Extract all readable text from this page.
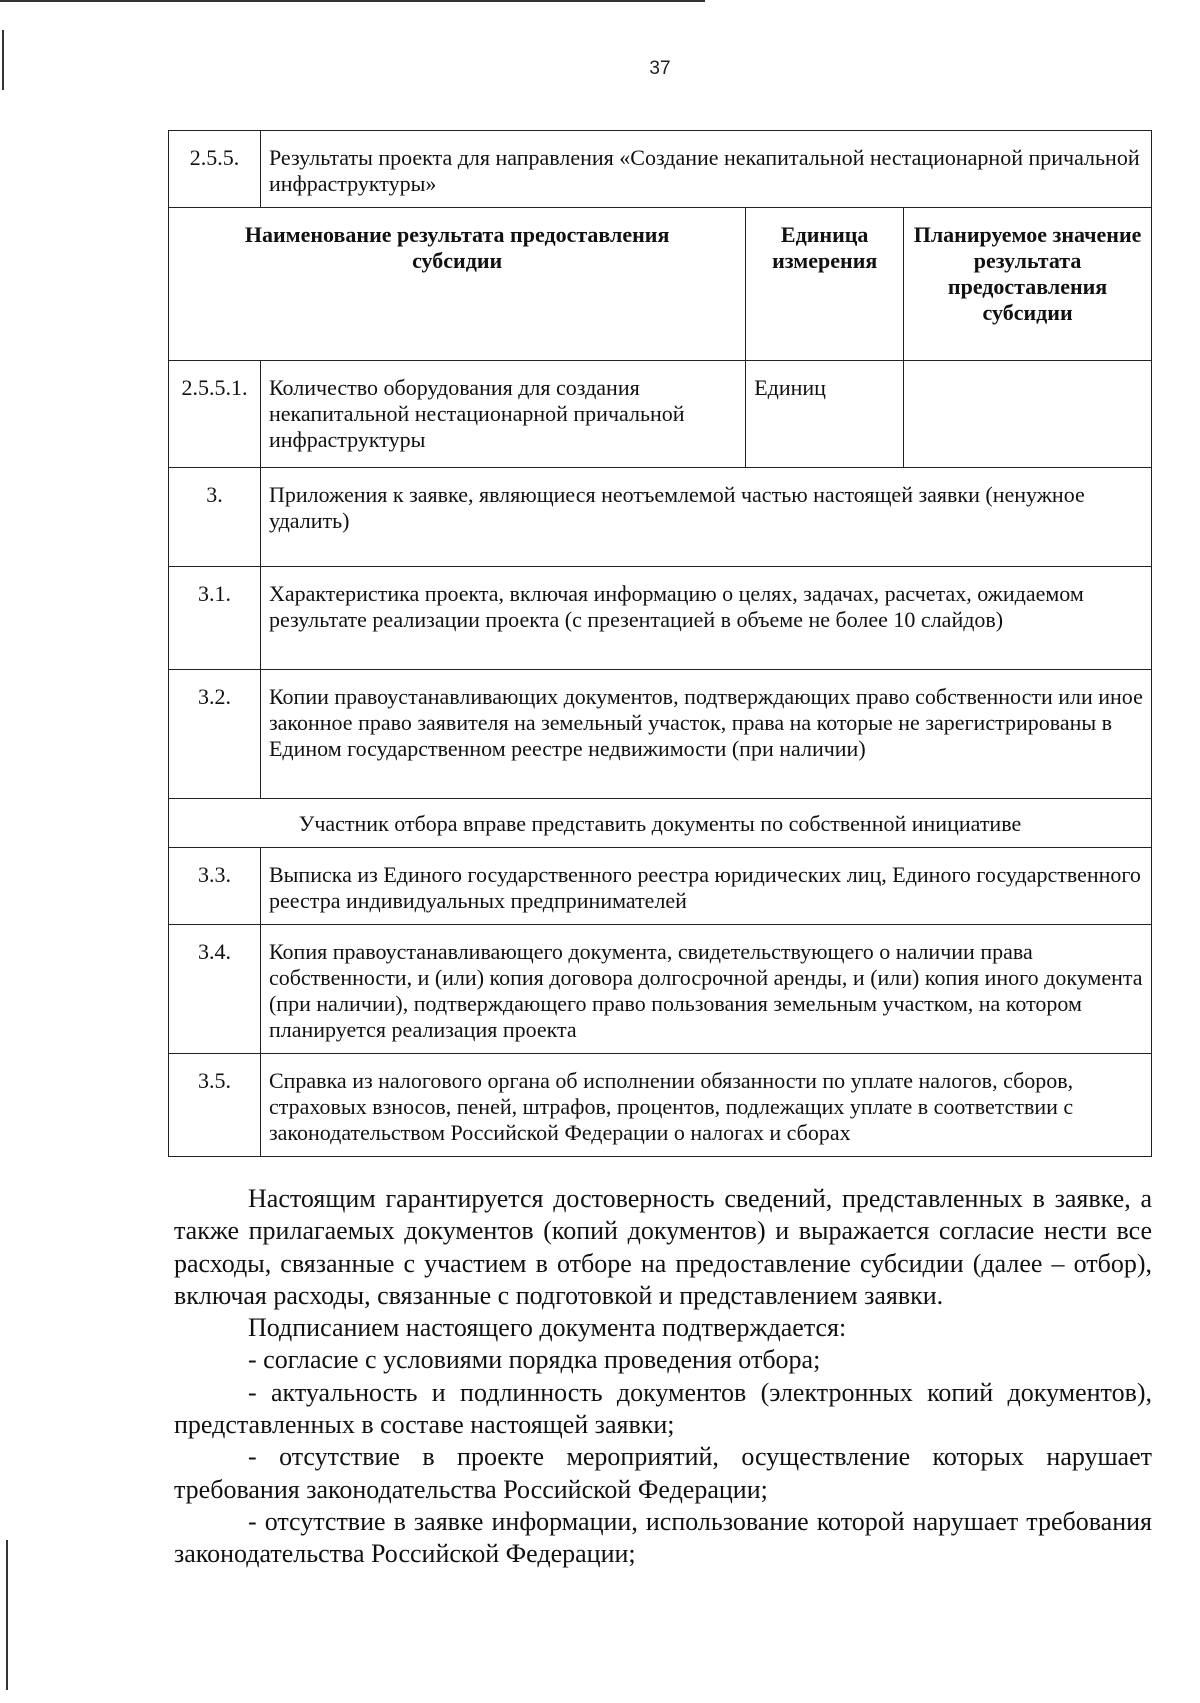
37
2.5.5.	Результаты проекта для направления «Создание некапитальной нестационарной причальной инфраструктуры»		
Наименование результата предоставления субсидии		Единица измерения	Планируемое значение результата предоставления субсидии
2.5.5.1.	Количество оборудования для создания некапитальной нестационарной причальной инфраструктуры	Единиц	
3.	Приложения к заявке, являющиеся неотъемлемой частью настоящей заявки (ненужное удалить)		
3.1.	Характеристика проекта, включая информацию о целях, задачах, расчетах, ожидаемом результате реализации проекта (с презентацией в объеме не более 10 слайдов)		
3.2.	Копии правоустанавливающих документов, подтверждающих право собственности или иное законное право заявителя на земельный участок, права на которые не зарегистрированы в Едином государственном реестре недвижимости (при наличии)		
Участник отбора вправе представить документы по собственной инициативе			
3.3.	Выписка из Единого государственного реестра юридических лиц, Единого государственного реестра индивидуальных предпринимателей		
3.4.	Копия правоустанавливающего документа, свидетельствующего о наличии права собственности, и (или) копия договора долгосрочной аренды, и (или) копия иного документа (при наличии), подтверждающего право пользования земельным участком, на котором планируется реализация проекта		
3.5.	Справка из налогового органа об исполнении обязанности по уплате налогов, сборов, страховых взносов, пеней, штрафов, процентов, подлежащих уплате в соответствии с законодательством Российской Федерации о налогах и сборах		

Настоящим гарантируется достоверность сведений, представленных в заявке, а также прилагаемых документов (копий документов) и выражается согласие нести все расходы, связанные с участием в отборе на предоставление субсидии (далее – отбор), включая расходы, связанные с подготовкой и представлением заявки.

Подписанием настоящего документа подтверждается:

- согласие с условиями порядка проведения отбора;

- актуальность и подлинность документов (электронных копий документов), представленных в составе настоящей заявки;

- отсутствие в проекте мероприятий, осуществление которых нарушает требования законодательства Российской Федерации;

- отсутствие в заявке информации, использование которой нарушает требования законодательства Российской Федерации;
